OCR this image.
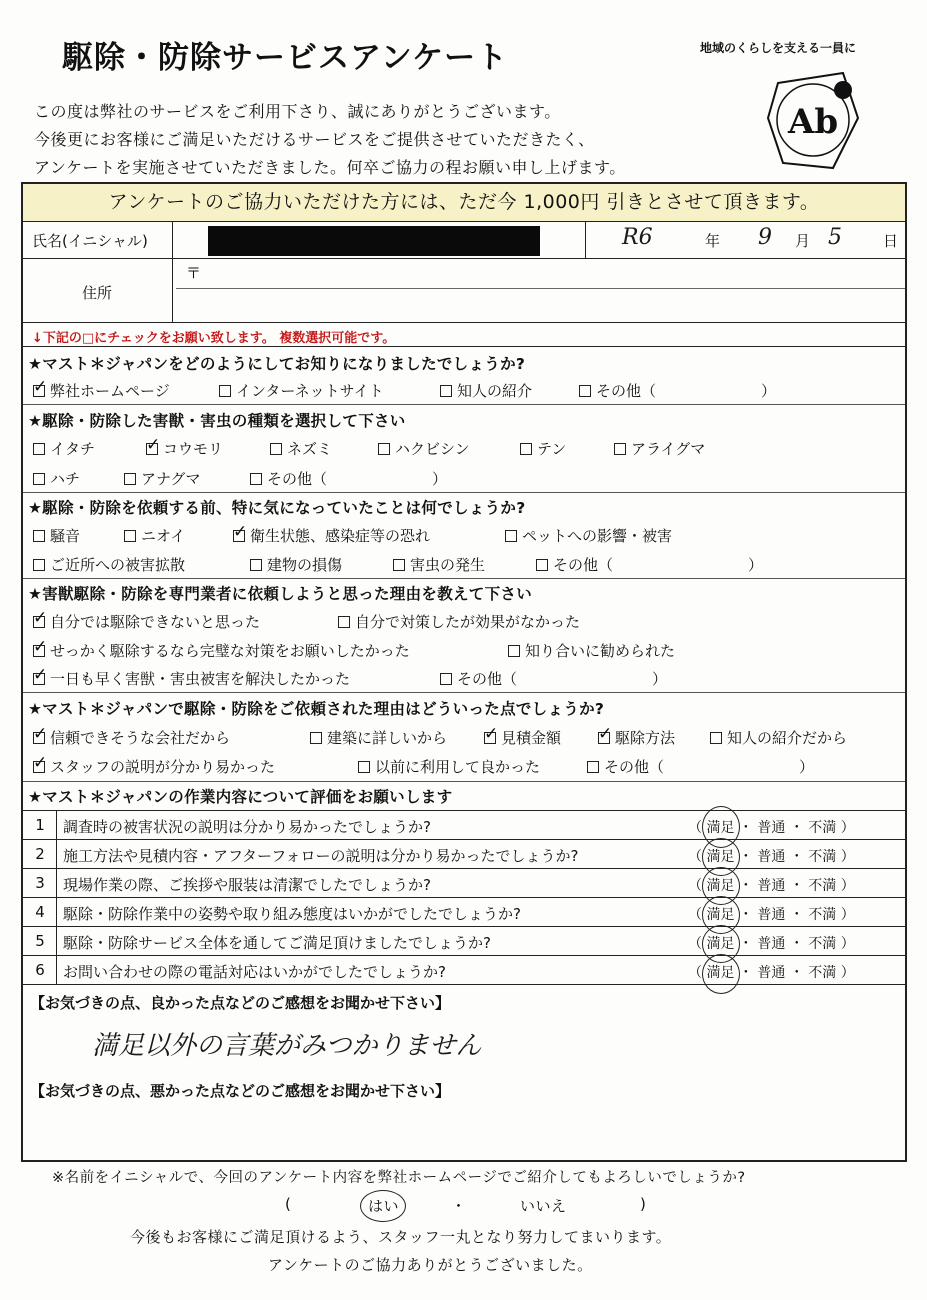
駆除・防除サービスアンケート
この度は弊社のサービスをご利用下さり、誠にありがとうございます。
今後更にお客様にご満足いただけるサービスをご提供させていただきたく、
アンケートを実施させていただきました。何卒ご協力の程お願い申し上げます。
地域のくらしを支える一員に
Ab
アンケートのご協力いただけた方には、ただ今 1,000円 引きとさせて頂きます。
氏名(イニシャル)	R6	年 9 月 5	日
住所
〒
↓下記の□にチェックをお願い致します。 複数選択可能です。
★マスト＊ジャパンをどのようにしてお知りになりましたでしょうか?
✓弊社ホームページ	インターネットサイト	知人の紹介	その他（　　　　　　　）
★駆除・防除した害獣・害虫の種類を選択して下さい
イタチ ✓	コウモリ	ネズミ	ハクビシン	テン	アライグマ
ハチ	アナグマ	その他（　　　　　　　）
★駆除・防除を依頼する前、特に気になっていたことは何でしょうか?
騒音	ニオイ ✓	衛生状態、感染症等の恐れ	ペットへの影響・被害
ご近所への被害拡散	建物の損傷	害虫の発生	その他（　　　　　　　　　）
★害獣駆除・防除を専門業者に依頼しようと思った理由を教えて下さい
✓自分では駆除できないと思った	自分で対策したが効果がなかった
✓せっかく駆除するなら完璧な対策をお願いしたかった	知り合いに勧められた
✓一日も早く害獣・害虫被害を解決したかった	その他（　　　　　　　　　）
★マスト＊ジャパンで駆除・防除をご依頼された理由はどういった点でしょうか?
✓信頼できそうな会社だから	建築に詳しいから ✓	見積金額 ✓	駆除方法	知人の紹介だから
✓スタッフの説明が分かり易かった	以前に利用して良かった	その他（　　　　　　　　　）
★マスト＊ジャパンの作業内容について評価をお願いします
1	調査時の被害状況の説明は分かり易かったでしょうか?	（ 満足 ・ 普通 ・ 不満 ）
2	施工方法や見積内容・アフターフォローの説明は分かり易かったでしょうか?	（ 満足 ・ 普通 ・ 不満 ）
3	現場作業の際、ご挨拶や服装は清潔でしたでしょうか?	（ 満足 ・ 普通 ・ 不満 ）
4	駆除・防除作業中の姿勢や取り組み態度はいかがでしたでしょうか?	（ 満足 ・ 普通 ・ 不満 ）
5	駆除・防除サービス全体を通してご満足頂けましたでしょうか?	（ 満足 ・ 普通 ・ 不満 ）
6	お問い合わせの際の電話対応はいかがでしたでしょうか?	（ 満足 ・ 普通 ・ 不満 ）
【お気づきの点、良かった点などのご感想をお聞かせ下さい】
満足以外の言葉がみつかりません
【お気づきの点、悪かった点などのご感想をお聞かせ下さい】
※名前をイニシャルで、今回のアンケート内容を弊社ホームページでご紹介してもよろしいでしょうか?
(	はい	・	いいえ	)
今後もお客様にご満足頂けるよう、スタッフ一丸となり努力してまいります。
アンケートのご協力ありがとうございました。
